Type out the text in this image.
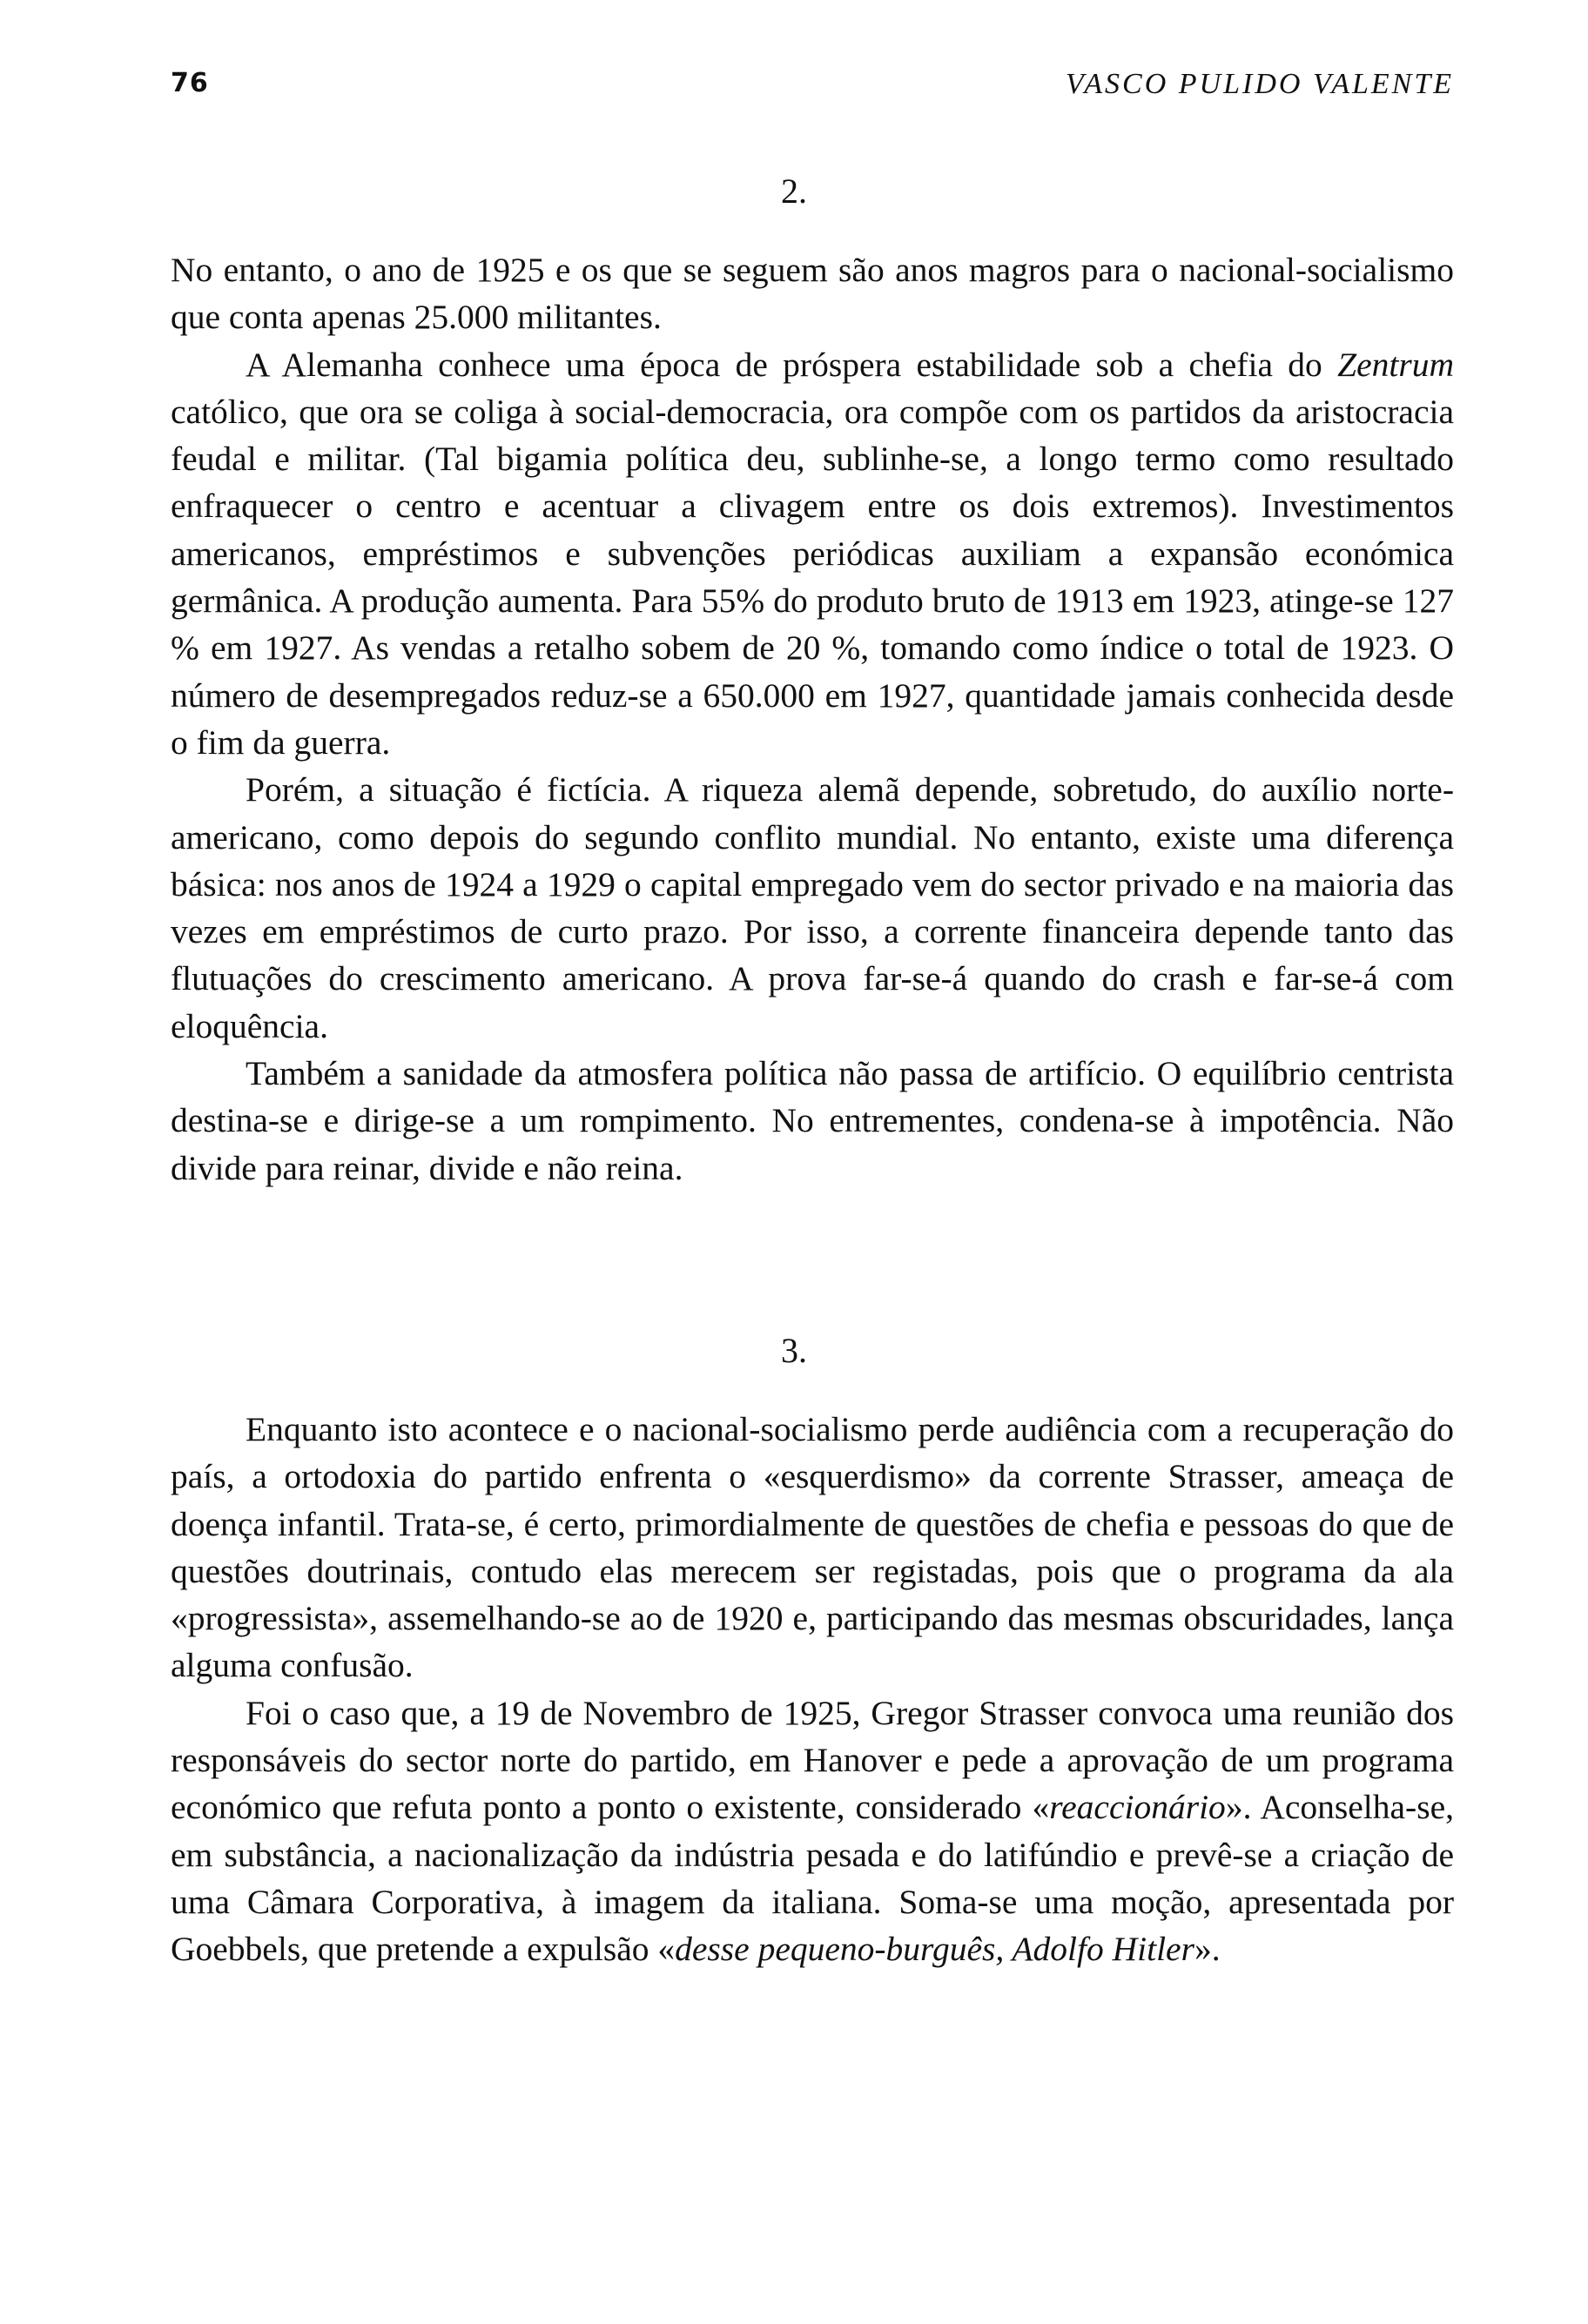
76	VASCO PULIDO VALENTE
2.

No entanto, o ano de 1925 e os que se seguem são anos magros para o nacional-socialismo que conta apenas 25.000 militantes.

A Alemanha conhece uma época de próspera estabilidade sob a chefia do Zentrum católico, que ora se coliga à social-democracia, ora compõe com os partidos da aristocracia feudal e militar. (Tal bigamia política deu, sublinhe-se, a longo termo como resultado enfraquecer o centro e acentuar a clivagem entre os dois extremos). Investimentos americanos, empréstimos e subvenções periódicas auxiliam a expansão económica germânica. A produção aumenta. Para 55% do produto bruto de 1913 em 1923, atinge-se 127 % em 1927. As vendas a retalho sobem de 20 %, tomando como índice o total de 1923. O número de desempregados reduz-se a 650.000 em 1927, quantidade jamais conhecida desde o fim da guerra.

Porém, a situação é fictícia. A riqueza alemã depende, sobretudo, do auxílio norte-americano, como depois do segundo conflito mundial. No entanto, existe uma diferença básica: nos anos de 1924 a 1929 o capital empregado vem do sector privado e na maioria das vezes em empréstimos de curto prazo. Por isso, a corrente financeira depende tanto das flutuações do crescimento americano. A prova far-se-á quando do crash e far-se-á com eloquência.

Também a sanidade da atmosfera política não passa de artifício. O equilíbrio centrista destina-se e dirige-se a um rompimento. No entrementes, condena-se à impotência. Não divide para reinar, divide e não reina.

3.

Enquanto isto acontece e o nacional-socialismo perde audiência com a recuperação do país, a ortodoxia do partido enfrenta o «esquerdismo» da corrente Strasser, ameaça de doença infantil. Trata-se, é certo, primordialmente de questões de chefia e pessoas do que de questões doutrinais, contudo elas merecem ser registadas, pois que o programa da ala «progressista», assemelhando-se ao de 1920 e, participando das mesmas obscuridades, lança alguma confusão.

Foi o caso que, a 19 de Novembro de 1925, Gregor Strasser convoca uma reunião dos responsáveis do sector norte do partido, em Hanover e pede a aprovação de um programa económico que refuta ponto a ponto o existente, considerado «reaccionário». Aconselha-se, em substância, a nacionalização da indústria pesada e do latifúndio e prevê-se a criação de uma Câmara Corporativa, à imagem da italiana. Soma-se uma moção, apresentada por Goebbels, que pretende a expulsão «desse pequeno-burguês, Adolfo Hitler».
